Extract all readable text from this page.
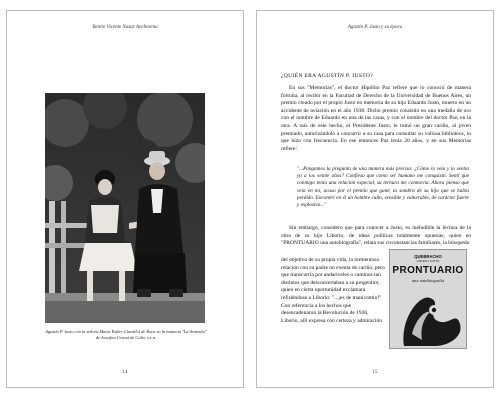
Benito Vicente Nazar Anchorena
Agustín P. Justo con la señora María Esther Llavallol de Roca en la estancia "La Armonía" de Josefina Ursaui de Cobo. s.c.n.
14
Agustín P. Justo y su época
¿QUIÉN ERA AGUSTÍN P. JUSTO?

En sus "Memorias", el doctor Hipólito Paz refiere que lo conoció de manera fortuita, al recibir en la Facultad de Derecho de la Universidad de Buenos Aires, un premio creado por el propio Justo en memoria de su hijo Eduardo Justo, muerto en un accidente de aviación en el año 1938. Dicho premio consistió en una medalla de oro con el nombre de Eduardo en una de las caras, y con el nombre del doctor Paz, en la otra. A raíz de este hecho, el Presidente Justo, le tomó un gran cariño, al joven premiado, autorizándolo a concurrir a su casa para consultar su valiosa biblioteca, lo que hizo con frecuencia. En ese entonces Paz tenía 20 años, y en sus Memorias refiere:

"...Pongamos la pregunta de una manera más precisa: ¿Cómo lo veía y lo sentía yo a los veinte años? Confieso que como ser humano me conquistó. Sentí que conmigo tenía una relación especial, su ternura me conmovía. Ahora pienso que veía en mí, acaso por el premio que gané, la sombra de su hijo que se había perdido. Encontré en él un hombre culto, sensible y vulnerable, de carácter fuerte y explosivo..."

Sin embargo, considero que para conocer a Justo, es ineludible la lectura de la obra de su hijo Liborio, de ideas políticas totalmente opuestas, quien en "PRONTUARIO una autobiografía", relata sus circunstancias familiares, la búsqueda

del objetivo de su propia vida, la tormentosa relación con su padre no exenta de cariño, pero que transcurría por andariveles o caminos tan distintos que desconcertaban a su progenitor, quien en cierta oportunidad exclamara refiriéndose a Liborio: "...¡es de manicomio!" Con referencia a los hechos que desencadenaron la Revolución de 1930, Liborio, allí expresa con certeza y admiración

QUEBRACHO
LIBORIO JUSTO
PRONTUARIO
una autobiografía
15
